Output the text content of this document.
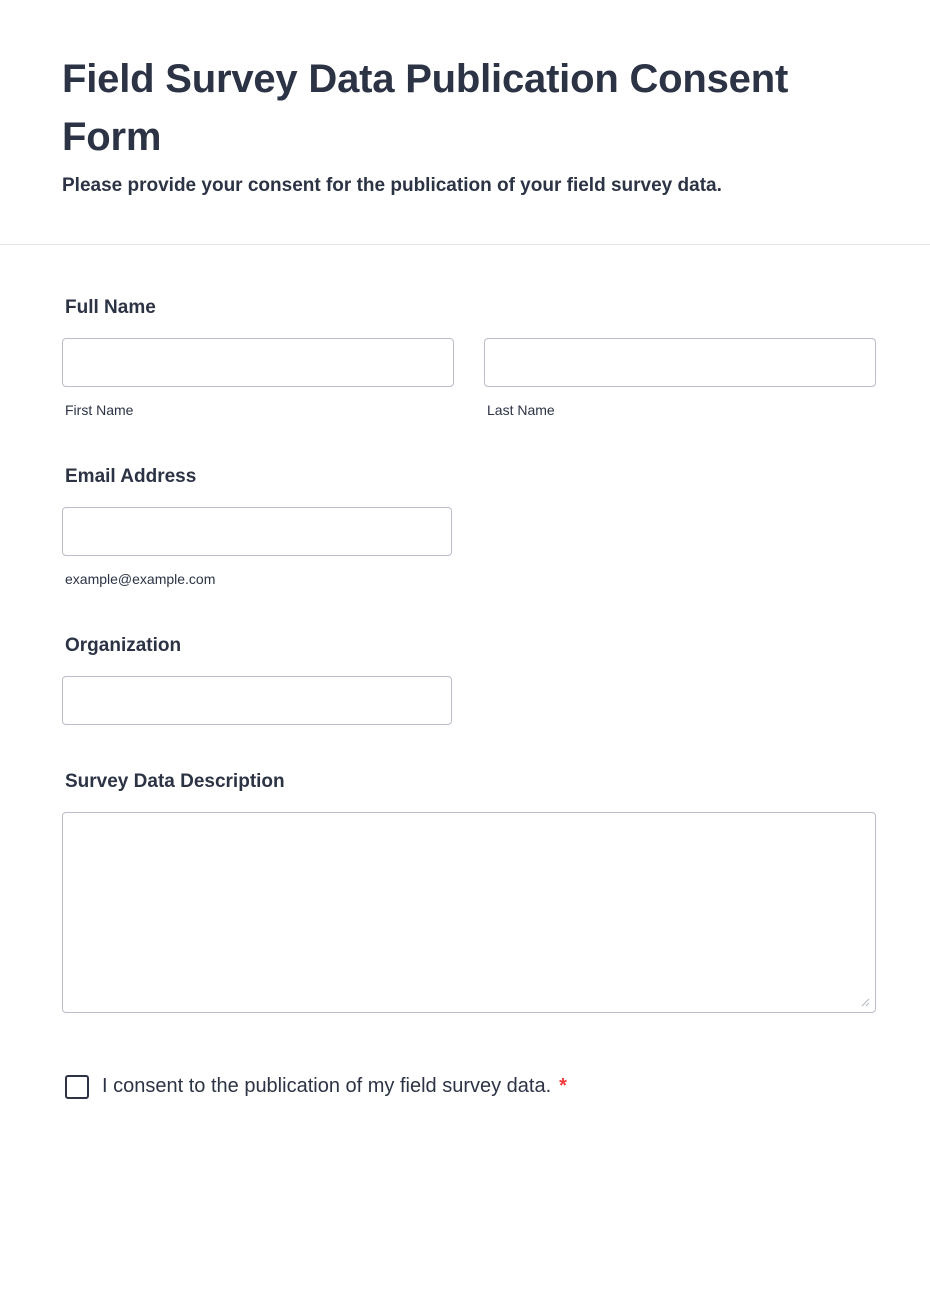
Field Survey Data Publication Consent Form

Please provide your consent for the publication of your field survey data.

Full Name
First Name	Last Name
Email Address
example@example.com
Organization
Survey Data Description
I consent to the publication of my field survey data. *
